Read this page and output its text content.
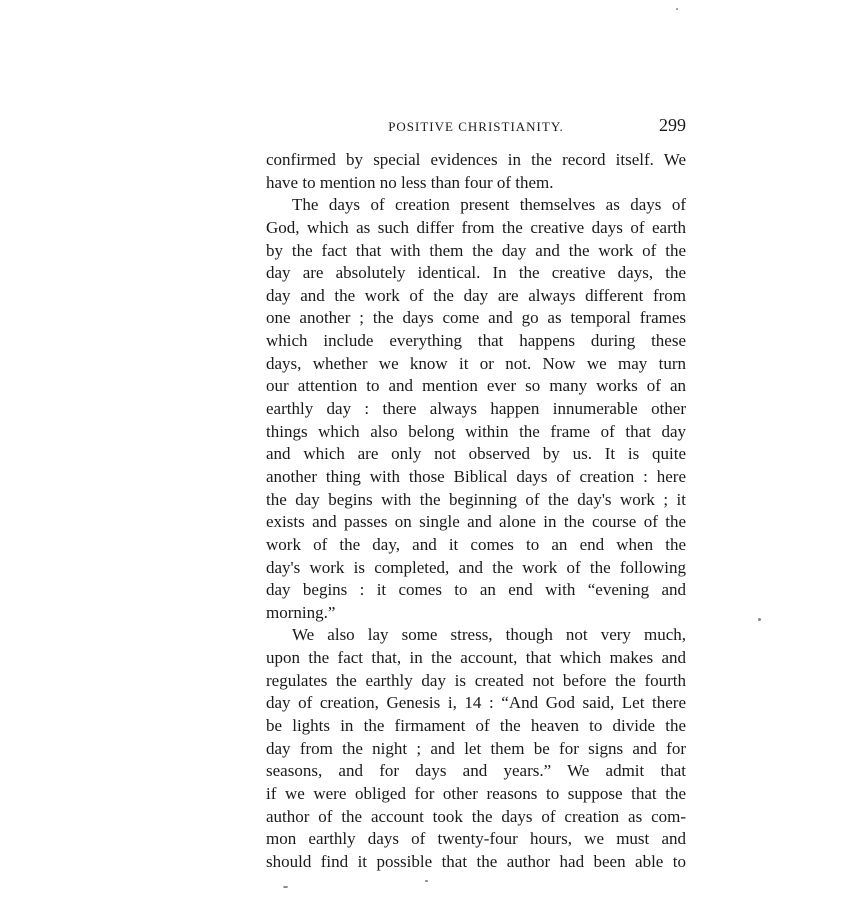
POSITIVE CHRISTIANITY.	299
confirmed by special evidences in the record itself. We
have to mention no less than four of them.
The days of creation present themselves as days of
God, which as such differ from the creative days of earth
by the fact that with them the day and the work of the
day are absolutely identical. In the creative days, the
day and the work of the day are always different from
one another ; the days come and go as temporal frames
which include everything that happens during these
days, whether we know it or not. Now we may turn
our attention to and mention ever so many works of an
earthly day : there always happen innumerable other
things which also belong within the frame of that day
and which are only not observed by us. It is quite
another thing with those Biblical days of creation : here
the day begins with the beginning of the day's work ; it
exists and passes on single and alone in the course of the
work of the day, and it comes to an end when the
day's work is completed, and the work of the following
day begins : it comes to an end with “evening and
morning.”
We also lay some stress, though not very much,
upon the fact that, in the account, that which makes and
regulates the earthly day is created not before the fourth
day of creation, Genesis i, 14 : “And God said, Let there
be lights in the firmament of the heaven to divide the
day from the night ; and let them be for signs and for
seasons, and for days and years.” We admit that
if we were obliged for other reasons to suppose that the
author of the account took the days of creation as com-
mon earthly days of twenty-four hours, we must and
should find it possible that the author had been able to
